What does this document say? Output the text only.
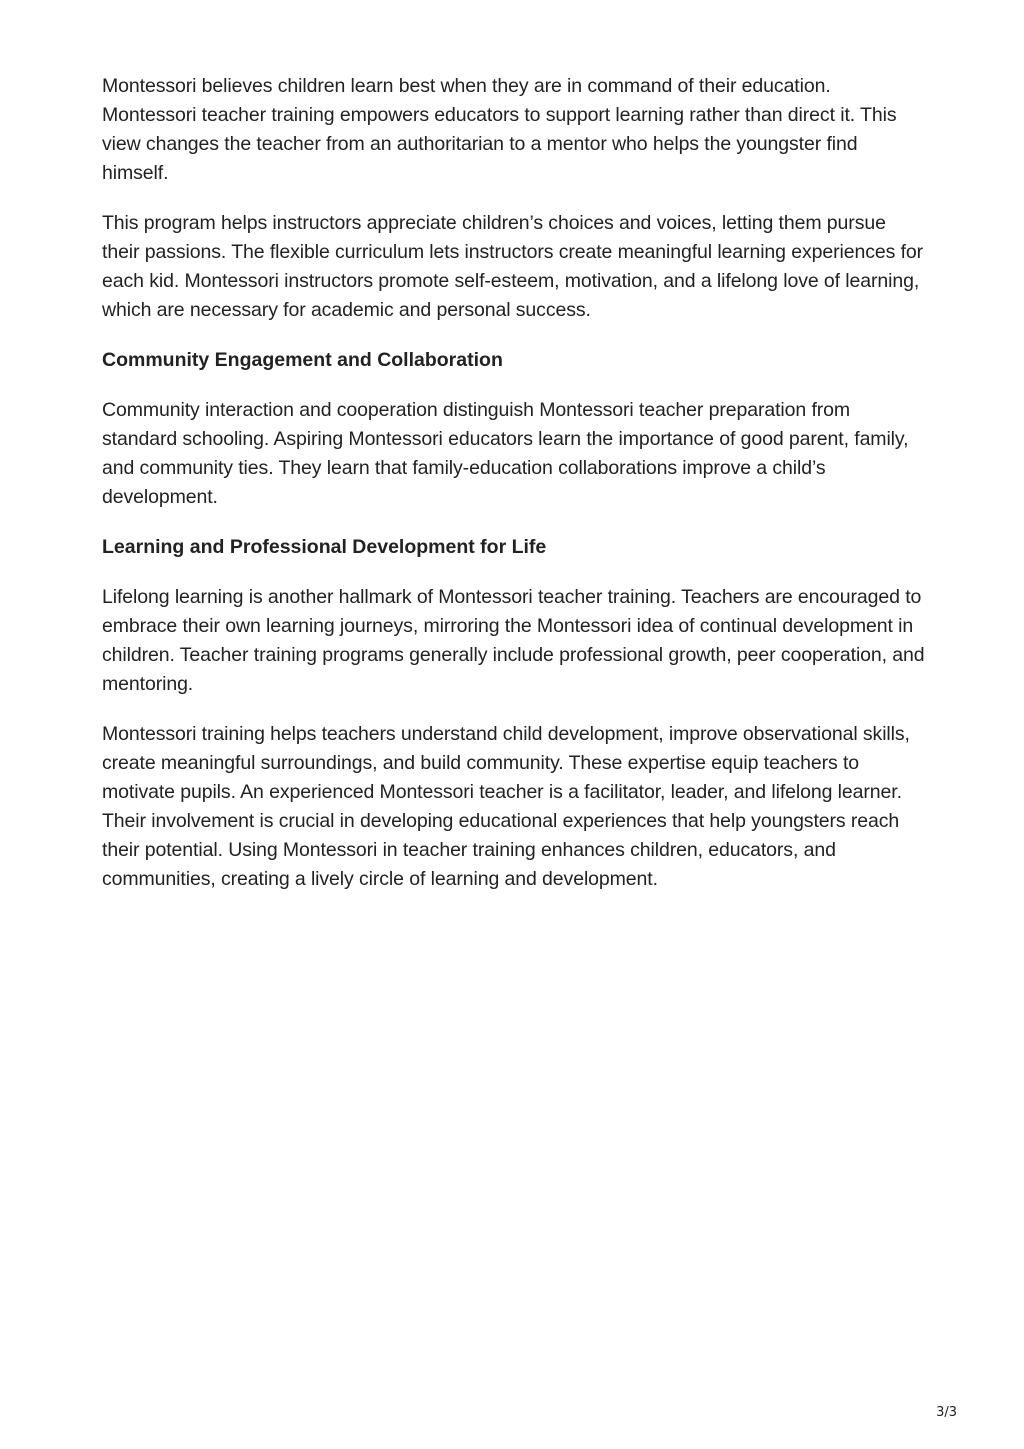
Montessori believes children learn best when they are in command of their education. Montessori teacher training empowers educators to support learning rather than direct it. This view changes the teacher from an authoritarian to a mentor who helps the youngster find himself.

This program helps instructors appreciate children’s choices and voices, letting them pursue their passions. The flexible curriculum lets instructors create meaningful learning experiences for each kid. Montessori instructors promote self-esteem, motivation, and a lifelong love of learning, which are necessary for academic and personal success.

Community Engagement and Collaboration

Community interaction and cooperation distinguish Montessori teacher preparation from standard schooling. Aspiring Montessori educators learn the importance of good parent, family, and community ties. They learn that family-education collaborations improve a child’s development.

Learning and Professional Development for Life

Lifelong learning is another hallmark of Montessori teacher training. Teachers are encouraged to embrace their own learning journeys, mirroring the Montessori idea of continual development in children. Teacher training programs generally include professional growth, peer cooperation, and mentoring.

Montessori training helps teachers understand child development, improve observational skills, create meaningful surroundings, and build community. These expertise equip teachers to motivate pupils. An experienced Montessori teacher is a facilitator, leader, and lifelong learner. Their involvement is crucial in developing educational experiences that help youngsters reach their potential. Using Montessori in teacher training enhances children, educators, and communities, creating a lively circle of learning and development.

3/3
